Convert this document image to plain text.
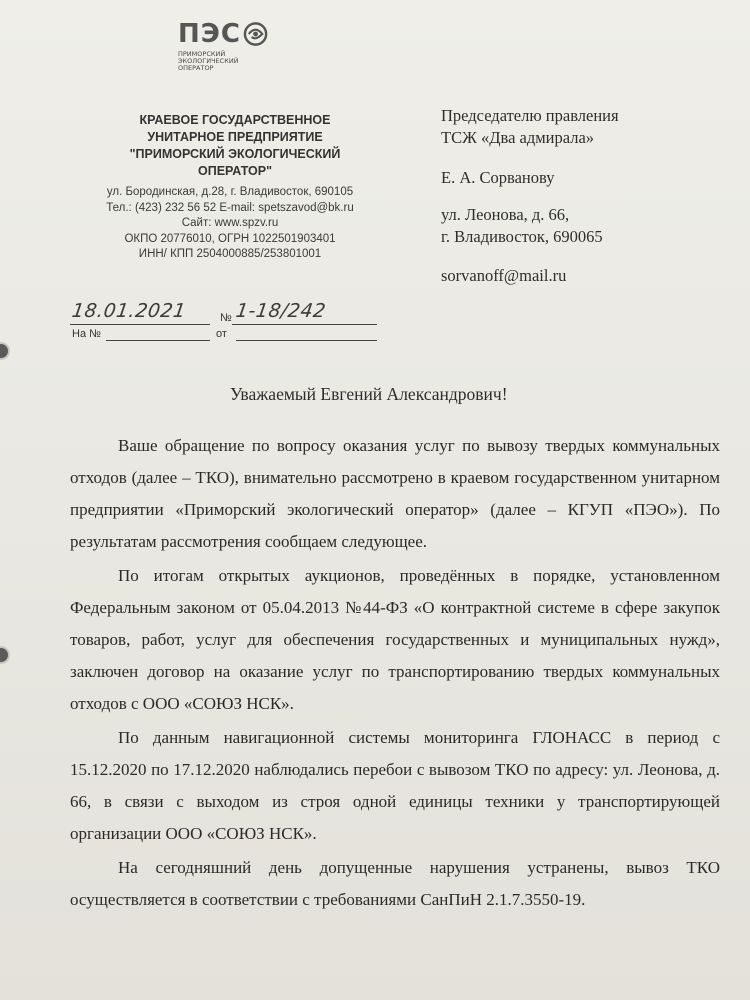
ПЭС
ПРИМОРСКИЙ ЭКОЛОГИЧЕСКИЙ ОПЕРАТОР
КРАЕВОЕ ГОСУДАРСТВЕННОЕ
УНИТАРНОЕ ПРЕДПРИЯТИЕ
"ПРИМОРСКИЙ ЭКОЛОГИЧЕСКИЙ
ОПЕРАТОР"
ул. Бородинская, д.28, г. Владивосток, 690105
Тел.: (423) 232 56 52 E-mail: spetszavod@bk.ru
Сайт: www.spzv.ru
ОКПО 20776010, ОГРН 1022501903401
ИНН/ КПП 2504000885/253801001
Председателю правления
ТСЖ «Два адмирала»
Е. А. Сорванову
ул. Леонова, д. 66,
г. Владивосток, 690065
sorvanoff@mail.ru
18.01.2021	№ 1-18/242
На №	от
Уважаемый Евгений Александрович!

Ваше обращение по вопросу оказания услуг по вывозу твердых коммунальных отходов (далее – ТКО), внимательно рассмотрено в краевом государственном унитарном предприятии «Приморский экологический оператор» (далее – КГУП «ПЭО»). По результатам рассмотрения сообщаем следующее.

По итогам открытых аукционов, проведённых в порядке, установленном Федеральным законом от 05.04.2013 №44-ФЗ «О контрактной системе в сфере закупок товаров, работ, услуг для обеспечения государственных и муниципальных нужд», заключен договор на оказание услуг по транспортированию твердых коммунальных отходов с ООО «СОЮЗ НСК».

По данным навигационной системы мониторинга ГЛОНАСС в период с 15.12.2020 по 17.12.2020 наблюдались перебои с вывозом ТКО по адресу: ул. Леонова, д. 66, в связи с выходом из строя одной единицы техники у транспортирующей организации ООО «СОЮЗ НСК».

На сегодняшний день допущенные нарушения устранены, вывоз ТКО осуществляется в соответствии с требованиями СанПиН 2.1.7.3550-19.
